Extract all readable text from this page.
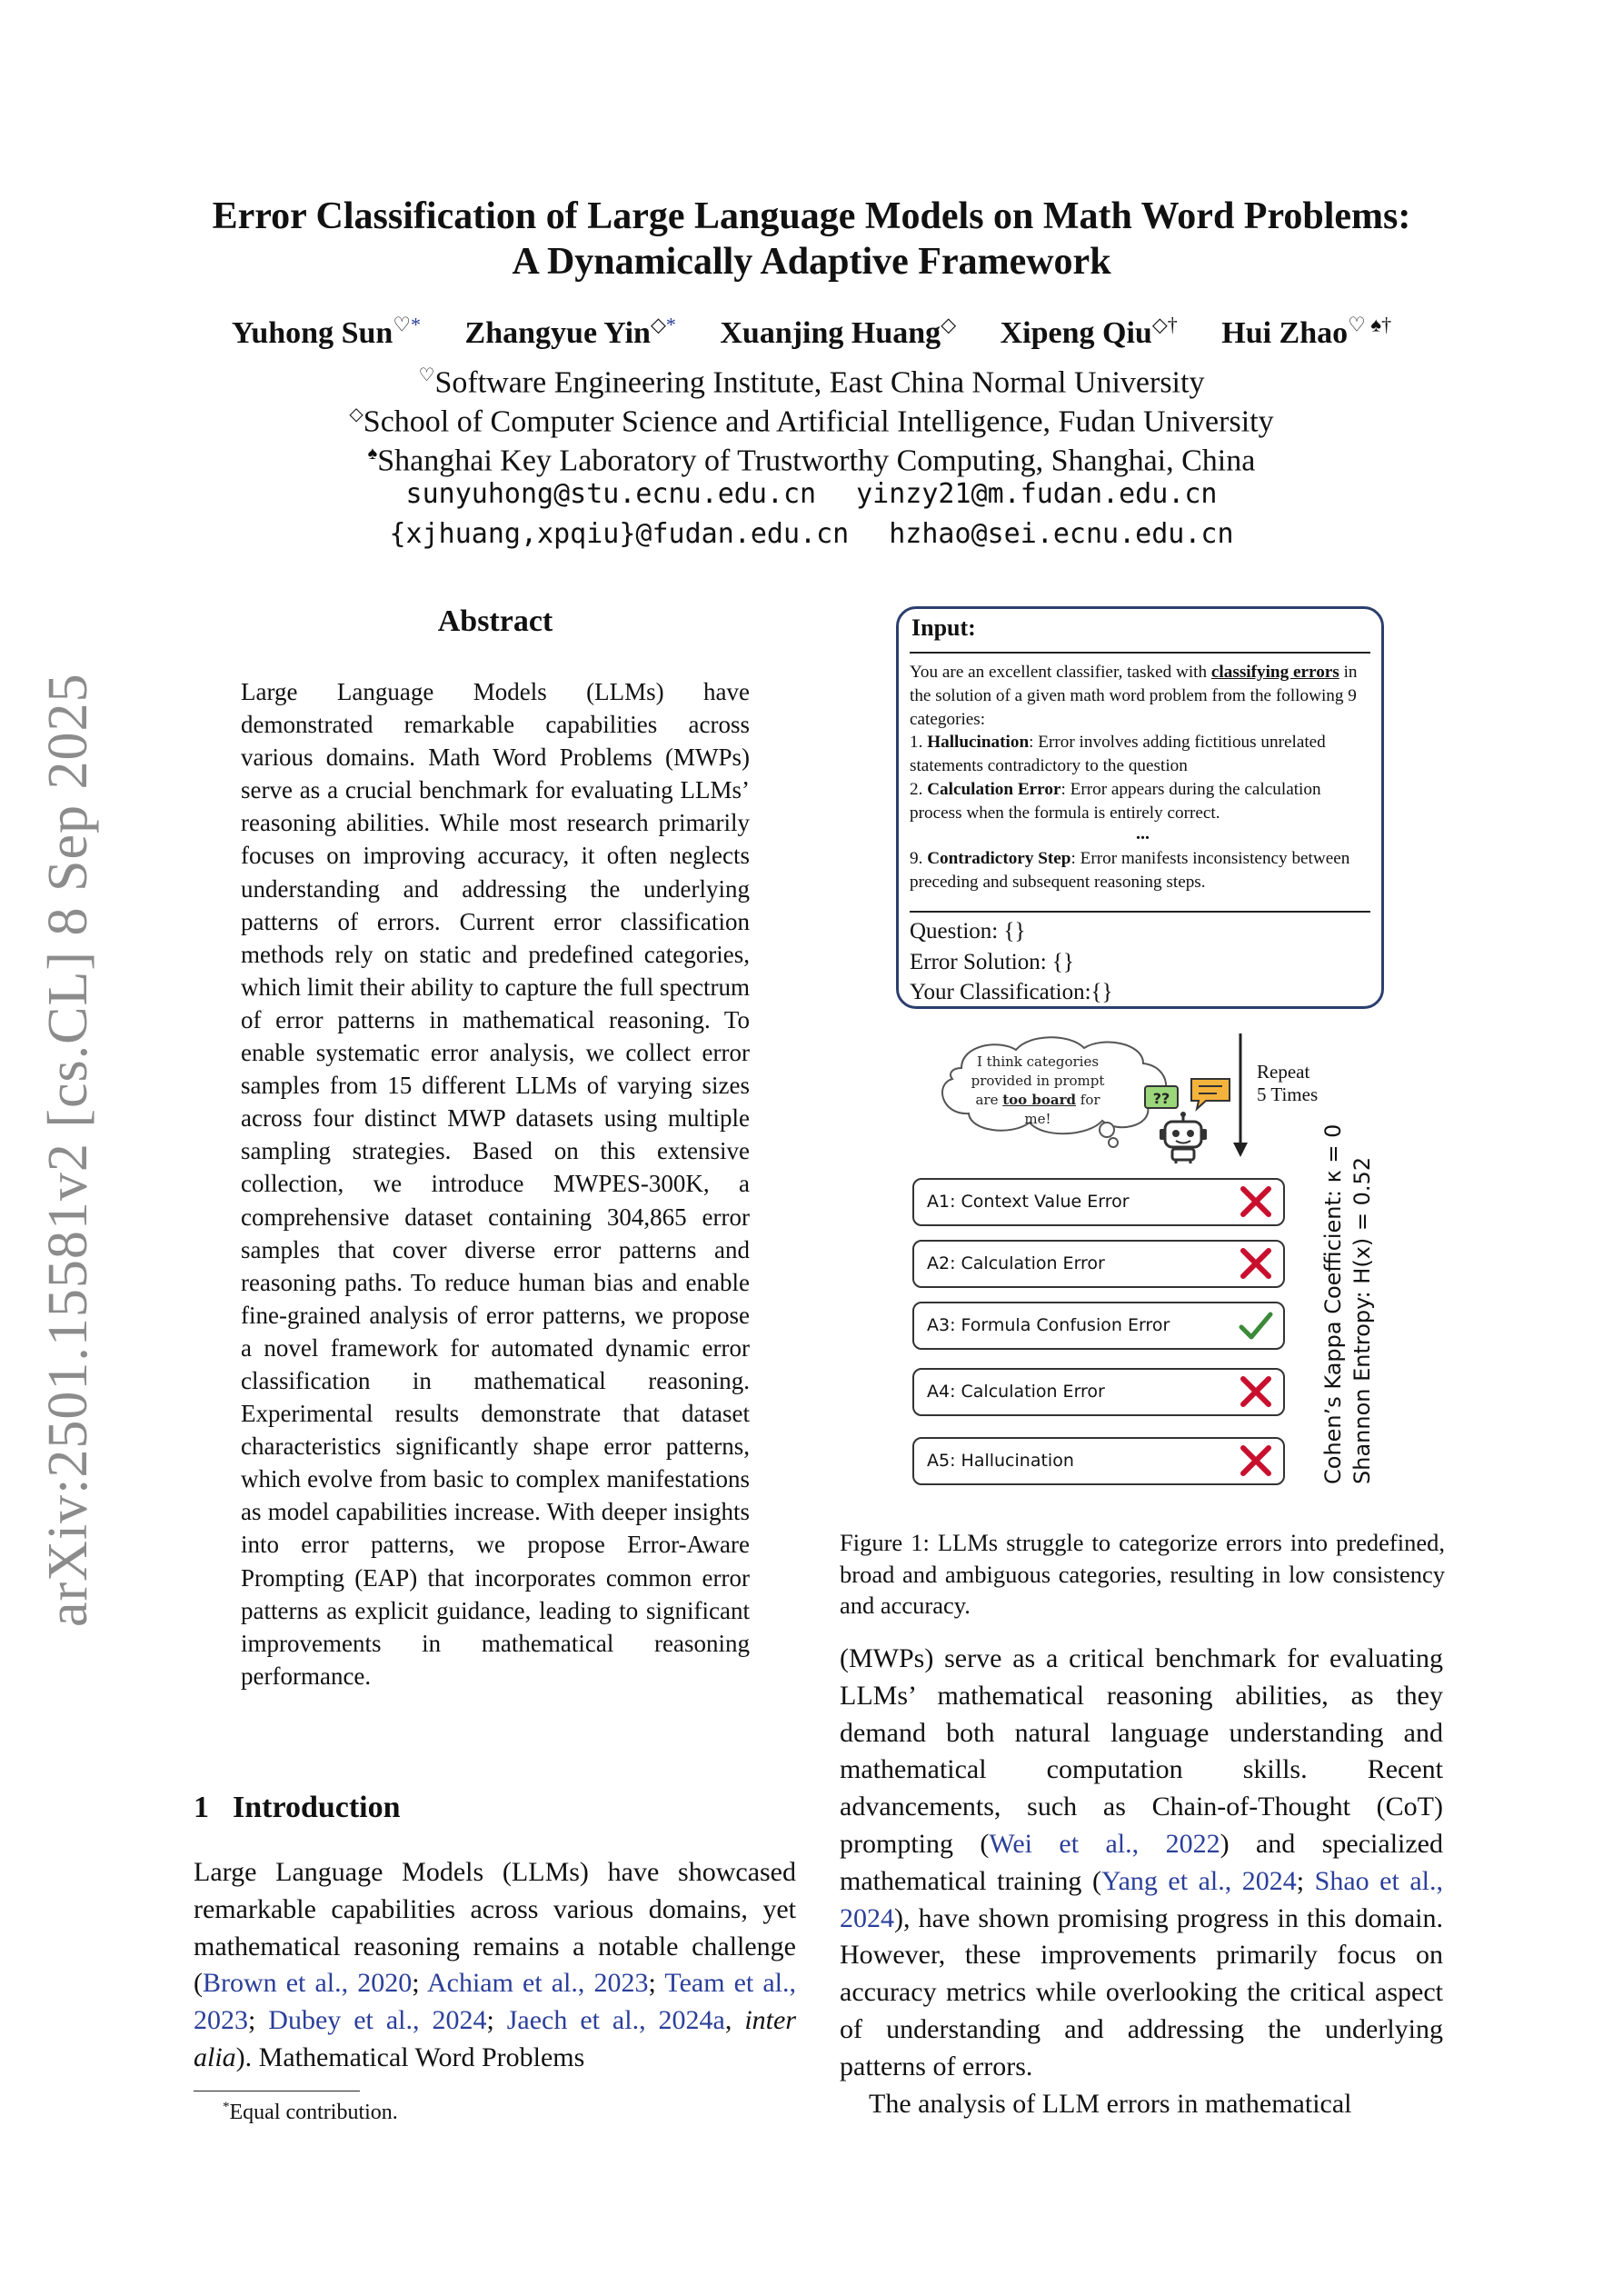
arXiv:2501.15581v2 [cs.CL] 8 Sep 2025
Error Classification of Large Language Models on Math Word Problems:
A Dynamically Adaptive Framework
Yuhong Sun♡* Zhangyue Yin◇* Xuanjing Huang◇ Xipeng Qiu◇† Hui Zhao♡ ♠†
♡Software Engineering Institute, East China Normal University
◇School of Computer Science and Artificial Intelligence, Fudan University
♠Shanghai Key Laboratory of Trustworthy Computing, Shanghai, China
sunyuhong@stu.ecnu.edu.cn yinzy21@m.fudan.edu.cn
{xjhuang,xpqiu}@fudan.edu.cn hzhao@sei.ecnu.edu.cn
Abstract
Large Language Models (LLMs) have demonstrated remarkable capabilities across various domains. Math Word Problems (MWPs) serve as a crucial benchmark for evaluating LLMs’ reasoning abilities. While most research primarily focuses on improving accuracy, it often neglects understanding and addressing the underlying patterns of errors. Current error classification methods rely on static and predefined categories, which limit their ability to capture the full spectrum of error patterns in mathematical reasoning. To enable systematic error analysis, we collect error samples from 15 different LLMs of varying sizes across four distinct MWP datasets using multiple sampling strategies. Based on this extensive collection, we introduce MWPES-300K, a comprehensive dataset containing 304,865 error samples that cover diverse error patterns and reasoning paths. To reduce human bias and enable fine-grained analysis of error patterns, we propose a novel framework for automated dynamic error classification in mathematical reasoning. Experimental results demonstrate that dataset characteristics significantly shape error patterns, which evolve from basic to complex manifestations as model capabilities increase. With deeper insights into error patterns, we propose Error-Aware Prompting (EAP) that incorporates common error patterns as explicit guidance, leading to significant improvements in mathematical reasoning performance.
1 Introduction
Large Language Models (LLMs) have showcased remarkable capabilities across various domains, yet mathematical reasoning remains a notable challenge (Brown et al., 2020; Achiam et al., 2023; Team et al., 2023; Dubey et al., 2024; Jaech et al., 2024a, inter alia). Mathematical Word Problems
*Equal contribution.
Input:
You are an excellent classifier, tasked with classifying errors in the solution of a given math word problem from the following 9 categories:
1. Hallucination: Error involves adding fictitious unrelated statements contradictory to the question
2. Calculation Error: Error appears during the calculation process when the formula is entirely correct.
...
9. Contradictory Step: Error manifests inconsistency between preceding and subsequent reasoning steps.
Question: {}
Error Solution: {}
Your Classification:{}
I think categories provided in prompt are too board for me!
??
Repeat
5 Times
A1: Context Value Error
A2: Calculation Error
A3: Formula Confusion Error
A4: Calculation Error
A5: Hallucination	Cohen’s Kappa Coefficient: κ = 0 Shannon Entropy: H(x) = 0.52
Figure 1: LLMs struggle to categorize errors into predefined, broad and ambiguous categories, resulting in low consistency and accuracy.
(MWPs) serve as a critical benchmark for evaluating LLMs’ mathematical reasoning abilities, as they demand both natural language understanding and mathematical computation skills. Recent advancements, such as Chain-of-Thought (CoT) prompting (Wei et al., 2022) and specialized mathematical training (Yang et al., 2024; Shao et al., 2024), have shown promising progress in this domain. However, these improvements primarily focus on accuracy metrics while overlooking the critical aspect of understanding and addressing the underlying patterns of errors.
The analysis of LLM errors in mathematical
